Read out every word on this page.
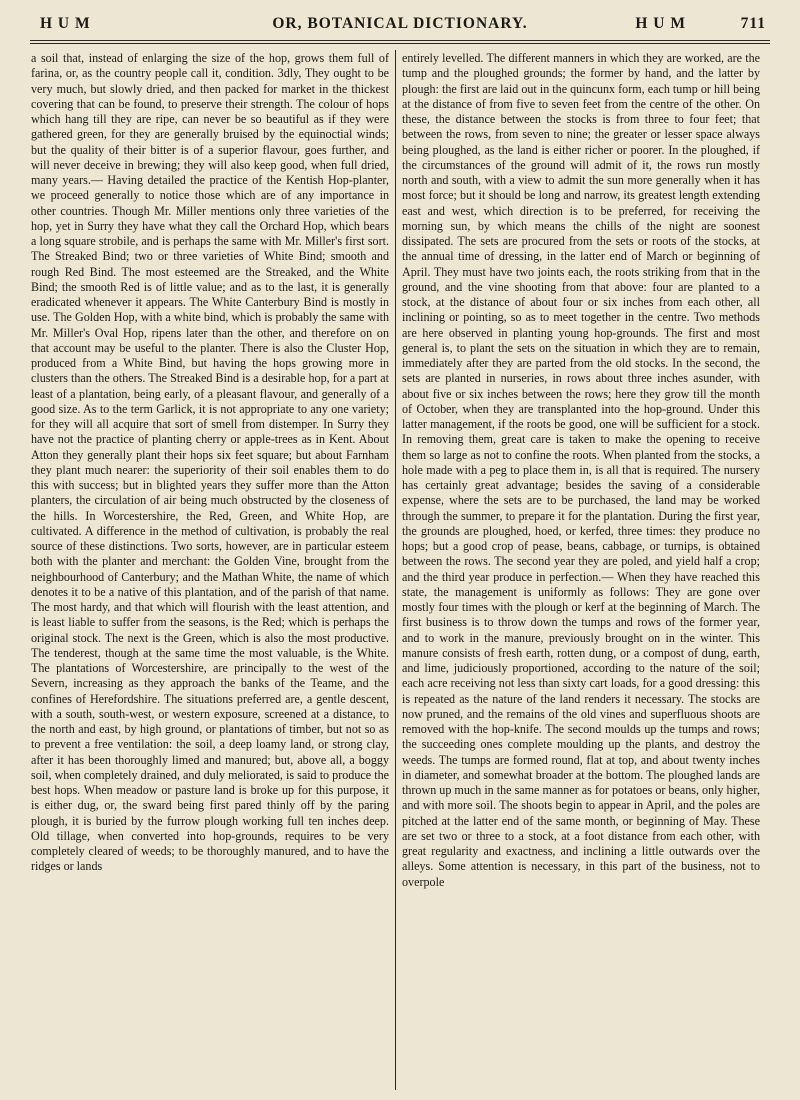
H U M	OR, BOTANICAL DICTIONARY.	H U M	711

a soil that, instead of enlarging the size of the hop, grows them full of farina, or, as the country people call it, condition. 3dly, They ought to be very much, but slowly dried, and then packed for market in the thickest covering that can be found, to preserve their strength. The colour of hops which hang till they are ripe, can never be so beautiful as if they were gathered green, for they are generally bruised by the equinoctial winds; but the quality of their bitter is of a superior flavour, goes further, and will never deceive in brewing; they will also keep good, when full dried, many years.— Having detailed the practice of the Kentish Hop-planter, we proceed generally to notice those which are of any importance in other countries. Though Mr. Miller mentions only three varieties of the hop, yet in Surry they have what they call the Orchard Hop, which bears a long square strobile, and is perhaps the same with Mr. Miller's first sort. The Streaked Bind; two or three varieties of White Bind; smooth and rough Red Bind. The most esteemed are the Streaked, and the White Bind; the smooth Red is of little value; and as to the last, it is generally eradicated whenever it appears. The White Canterbury Bind is mostly in use. The Golden Hop, with a white bind, which is probably the same with Mr. Miller's Oval Hop, ripens later than the other, and therefore on on that account may be useful to the planter. There is also the Cluster Hop, produced from a White Bind, but having the hops growing more in clusters than the others. The Streaked Bind is a desirable hop, for a part at least of a plantation, being early, of a pleasant flavour, and generally of a good size. As to the term Garlick, it is not appropriate to any one variety; for they will all acquire that sort of smell from distemper. In Surry they have not the practice of planting cherry or apple-trees as in Kent. About Atton they generally plant their hops six feet square; but about Farnham they plant much nearer: the superiority of their soil enables them to do this with success; but in blighted years they suffer more than the Atton planters, the circulation of air being much obstructed by the closeness of the hills. In Worcestershire, the Red, Green, and White Hop, are cultivated. A difference in the method of cultivation, is probably the real source of these distinctions. Two sorts, however, are in particular esteem both with the planter and merchant: the Golden Vine, brought from the neighbourhood of Canterbury; and the Mathan White, the name of which denotes it to be a native of this plantation, and of the parish of that name. The most hardy, and that which will flourish with the least attention, and is least liable to suffer from the seasons, is the Red; which is perhaps the original stock. The next is the Green, which is also the most productive. The tenderest, though at the same time the most valuable, is the White. The plantations of Worcestershire, are principally to the west of the Severn, increasing as they approach the banks of the Teame, and the confines of Herefordshire. The situations preferred are, a gentle descent, with a south, south-west, or western exposure, screened at a distance, to the north and east, by high ground, or plantations of timber, but not so as to prevent a free ventilation: the soil, a deep loamy land, or strong clay, after it has been thoroughly limed and manured; but, above all, a boggy soil, when completely drained, and duly meliorated, is said to produce the best hops. When meadow or pasture land is broke up for this purpose, it is either dug, or, the sward being first pared thinly off by the paring plough, it is buried by the furrow plough working full ten inches deep. Old tillage, when converted into hop-grounds, requires to be very completely cleared of weeds; to be thoroughly manured, and to have the ridges or lands

entirely levelled. The different manners in which they are worked, are the tump and the ploughed grounds; the former by hand, and the latter by plough: the first are laid out in the quincunx form, each tump or hill being at the distance of from five to seven feet from the centre of the other. On these, the distance between the stocks is from three to four feet; that between the rows, from seven to nine; the greater or lesser space always being ploughed, as the land is either richer or poorer. In the ploughed, if the circumstances of the ground will admit of it, the rows run mostly north and south, with a view to admit the sun more generally when it has most force; but it should be long and narrow, its greatest length extending east and west, which direction is to be preferred, for receiving the morning sun, by which means the chills of the night are soonest dissipated. The sets are procured from the sets or roots of the stocks, at the annual time of dressing, in the latter end of March or beginning of April. They must have two joints each, the roots striking from that in the ground, and the vine shooting from that above: four are planted to a stock, at the distance of about four or six inches from each other, all inclining or pointing, so as to meet together in the centre. Two methods are here observed in planting young hop-grounds. The first and most general is, to plant the sets on the situation in which they are to remain, immediately after they are parted from the old stocks. In the second, the sets are planted in nurseries, in rows about three inches asunder, with about five or six inches between the rows; here they grow till the month of October, when they are transplanted into the hop-ground. Under this latter management, if the roots be good, one will be sufficient for a stock. In removing them, great care is taken to make the opening to receive them so large as not to confine the roots. When planted from the stocks, a hole made with a peg to place them in, is all that is required. The nursery has certainly great advantage; besides the saving of a considerable expense, where the sets are to be purchased, the land may be worked through the summer, to prepare it for the plantation. During the first year, the grounds are ploughed, hoed, or kerfed, three times: they produce no hops; but a good crop of pease, beans, cabbage, or turnips, is obtained between the rows. The second year they are poled, and yield half a crop; and the third year produce in perfection.— When they have reached this state, the management is uniformly as follows: They are gone over mostly four times with the plough or kerf at the beginning of March. The first business is to throw down the tumps and rows of the former year, and to work in the manure, previously brought on in the winter. This manure consists of fresh earth, rotten dung, or a compost of dung, earth, and lime, judiciously proportioned, according to the nature of the soil; each acre receiving not less than sixty cart loads, for a good dressing: this is repeated as the nature of the land renders it necessary. The stocks are now pruned, and the remains of the old vines and superfluous shoots are removed with the hop-knife. The second moulds up the tumps and rows; the succeeding ones complete moulding up the plants, and destroy the weeds. The tumps are formed round, flat at top, and about twenty inches in diameter, and somewhat broader at the bottom. The ploughed lands are thrown up much in the same manner as for potatoes or beans, only higher, and with more soil. The shoots begin to appear in April, and the poles are pitched at the latter end of the same month, or beginning of May. These are set two or three to a stock, at a foot distance from each other, with great regularity and exactness, and inclining a little outwards over the alleys. Some attention is necessary, in this part of the business, not to overpole
